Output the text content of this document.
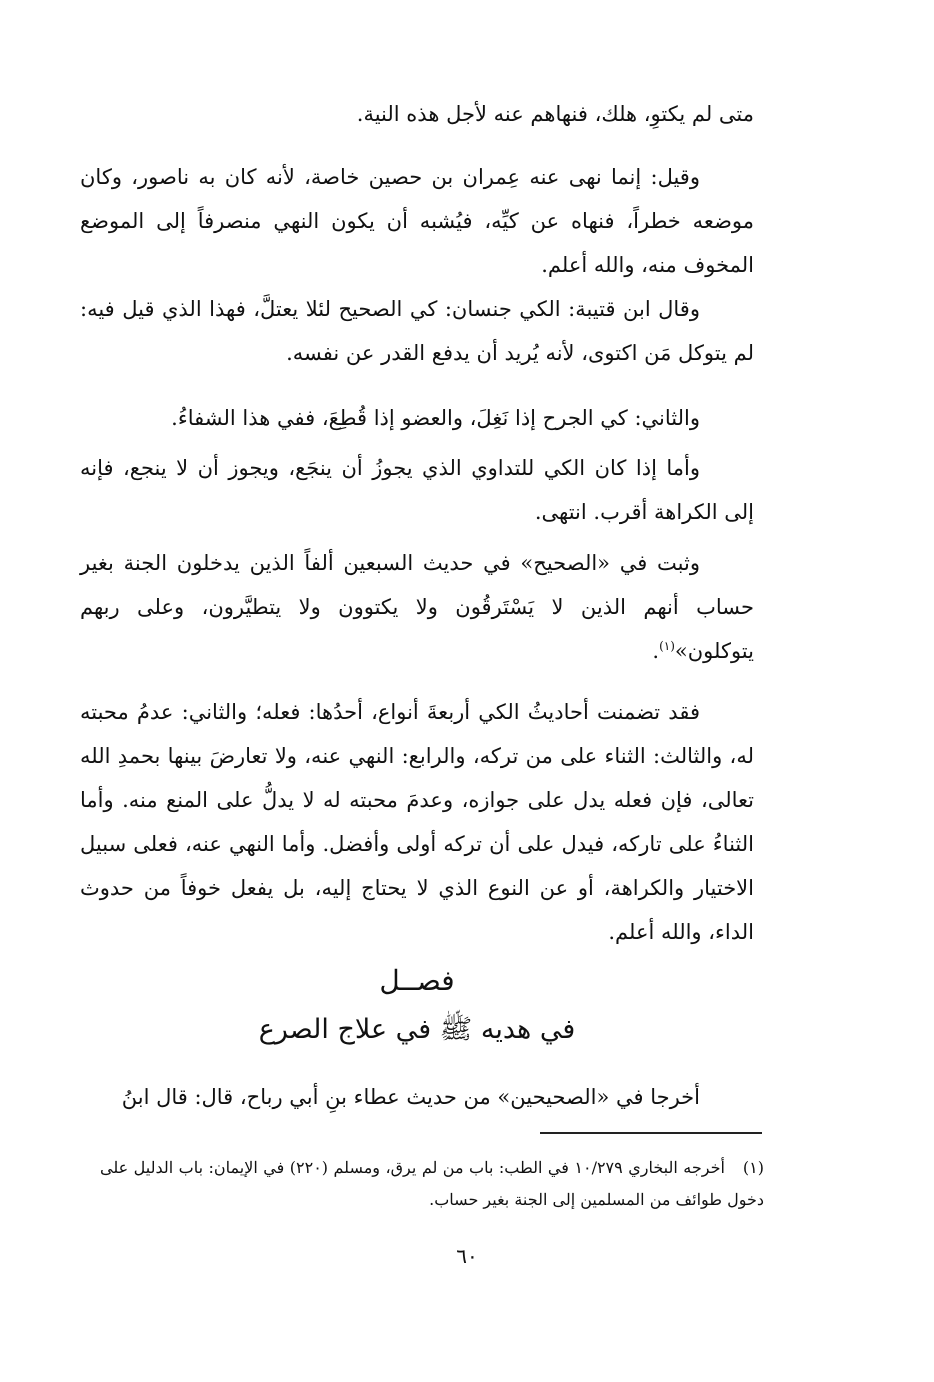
متى لم يكتوِ، هلك، فنهاهم عنه لأجل هذه النية.

وقيل: إنما نهى عنه عِمران بن حصين خاصة، لأنه كان به ناصور، وكان موضعه خطراً، فنهاه عن كيِّه، فيُشبه أن يكون النهي منصرفاً إلى الموضع المخوف منه، والله أعلم.

وقال ابن قتيبة: الكي جنسان: كي الصحيح لئلا يعتلَّ، فهذا الذي قيل فيه: لم يتوكل مَن اكتوى، لأنه يُريد أن يدفع القدر عن نفسه.

والثاني: كي الجرح إذا نَغِلَ، والعضو إذا قُطِعَ، ففي هذا الشفاءُ.

وأما إذا كان الكي للتداوي الذي يجوزُ أن ينجَع، ويجوز أن لا ينجع، فإنه إلى الكراهة أقرب. انتهى.

وثبت في «الصحيح» في حديث السبعين ألفاً الذين يدخلون الجنة بغير حساب أنهم الذين لا يَسْتَرقُون ولا يكتوون ولا يتطيَّرون، وعلى ربهم يتوكلون»$^{(١)}$.

فقد تضمنت أحاديثُ الكي أربعةَ أنواع، أحدُها: فعله؛ والثاني: عدمُ محبته له، والثالث: الثناء على من تركه، والرابع: النهي عنه، ولا تعارضَ بينها بحمدِ الله تعالى، فإن فعله يدل على جوازه، وعدمَ محبته له لا يدلُّ على المنع منه. وأما الثناءُ على تاركه، فيدل على أن تركه أولى وأفضل. وأما النهي عنه، فعلى سبيل الاختيار والكراهة، أو عن النوع الذي لا يحتاج إليه، بل يفعل خوفاً من حدوث الداء، والله أعلم.

فصــل

في هديه ﷺ في علاج الصرع

أخرجا في «الصحيحين» من حديث عطاء بنِ أبي رباح، قال: قال ابنُ

(١)أخرجه البخاري ١٠/٢٧٩ في الطب: باب من لم يرق، ومسلم (٢٢٠) في الإيمان: باب الدليل على دخول طوائف من المسلمين إلى الجنة بغير حساب.

٦٠
